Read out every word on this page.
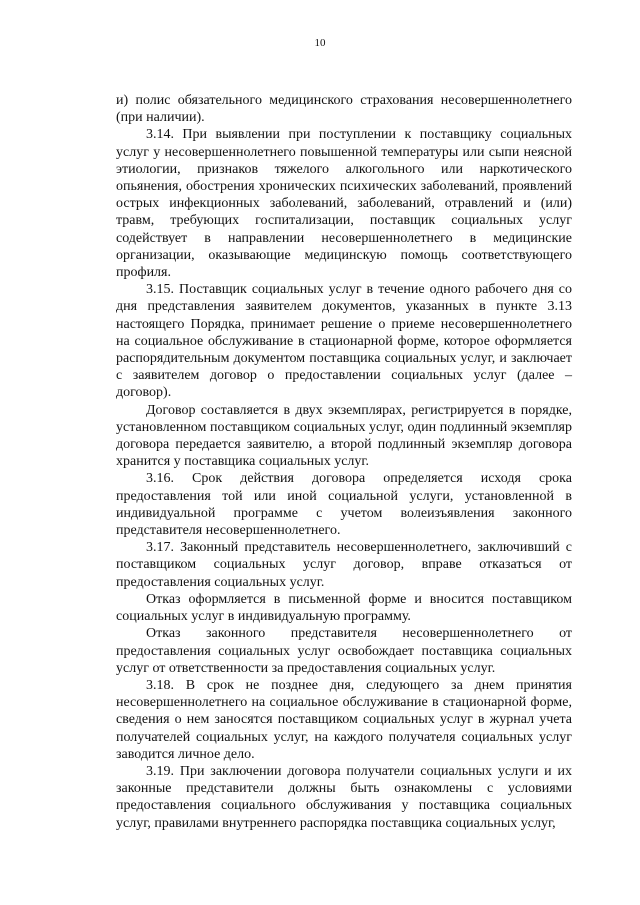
10

и) полис обязательного медицинского страхования несовершеннолетнего (при наличии).

3.14. При выявлении при поступлении к поставщику социальных услуг у несовершеннолетнего повышенной температуры или сыпи неясной этиологии, признаков тяжелого алкогольного или наркотического опьянения, обострения хронических психических заболеваний, проявлений острых инфекционных заболеваний, заболеваний, отравлений и (или) травм, требующих госпитализации, поставщик социальных услуг содействует в направлении несовершеннолетнего в медицинские организации, оказывающие медицинскую помощь соответствующего профиля.

3.15. Поставщик социальных услуг в течение одного рабочего дня со дня представления заявителем документов, указанных в пункте 3.13 настоящего Порядка, принимает решение о приеме несовершеннолетнего на социальное обслуживание в стационарной форме, которое оформляется распорядительным документом поставщика социальных услуг, и заключает с заявителем договор о предоставлении социальных услуг (далее – договор).

Договор составляется в двух экземплярах, регистрируется в порядке, установленном поставщиком социальных услуг, один подлинный экземпляр договора передается заявителю, а второй подлинный экземпляр договора хранится у поставщика социальных услуг.

3.16. Срок действия договора определяется исходя срока предоставления той или иной социальной услуги, установленной в индивидуальной программе с учетом волеизъявления законного представителя несовершеннолетнего.

3.17. Законный представитель несовершеннолетнего, заключивший с поставщиком социальных услуг договор, вправе отказаться от предоставления социальных услуг.

Отказ оформляется в письменной форме и вносится поставщиком социальных услуг в индивидуальную программу.

Отказ законного представителя несовершеннолетнего от предоставления социальных услуг освобождает поставщика социальных услуг от ответственности за предоставления социальных услуг.

3.18. В срок не позднее дня, следующего за днем принятия несовершеннолетнего на социальное обслуживание в стационарной форме, сведения о нем заносятся поставщиком социальных услуг в журнал учета получателей социальных услуг, на каждого получателя социальных услуг заводится личное дело.

3.19. При заключении договора получатели социальных услуги и их законные представители должны быть ознакомлены с условиями предоставления социального обслуживания у поставщика социальных услуг, правилами внутреннего распорядка поставщика социальных услуг,
